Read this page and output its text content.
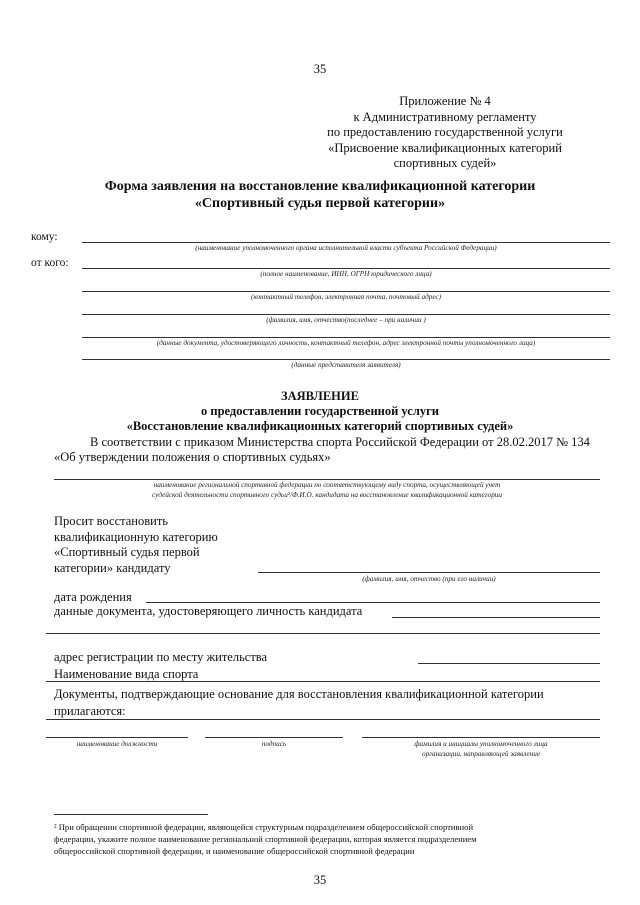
35
Приложение № 4
к Административному регламенту
по предоставлению государственной услуги
«Присвоение квалификационных категорий
спортивных судей»
Форма заявления на восстановление квалификационной категории
«Спортивный судья первой категории»
кому:
(наименование уполномоченного органа исполнительной власти субъекта Российской Федерации)
от кого:
(полное наименование, ИНН, ОГРН юридического лица)
(контактный телефон, электронная почта, почтовый адрес)
(фамилия, имя, отчество(последнее – при наличии )
(данные документа, удостоверяющего личность, контактный телефон, адрес электронной почты уполномоченного лица)
(данные представителя заявителя)
ЗАЯВЛЕНИЕ
о предоставлении государственной услуги
«Восстановление квалификационных категорий спортивных судей»
В соответствии с приказом Министерства спорта Российской Федерации от 28.02.2017 № 134
«Об утверждении положения о спортивных судьях»
наименование региональной спортивной федерации по соответствующему виду спорта, осуществляющей учет
судейской деятельности спортивного судьи²/Ф.И.О. кандидата на восстановление квалификационной категории
Просит восстановить
квалификационную категорию
«Спортивный судья первой
категории» кандидату
(фамилия, имя, отчество (при его наличии)
дата рождения
данные документа, удостоверяющего личность кандидата
адрес регистрации по месту жительства
Наименование вида спорта
Документы, подтверждающие основание для восстановления квалификационной категории
прилагаются:
наименование должности	подпись	фамилия и инициалы уполномоченного лица
организации, направляющей заявление
² При обращении спортивной федерации, являющейся структурным подразделением общероссийской спортивной
федерации, укажите полное наименование региональной спортивной федерации, которая является подразделением
общероссийской спортивной федерации, и наименование общероссийской спортивной федерации
35
